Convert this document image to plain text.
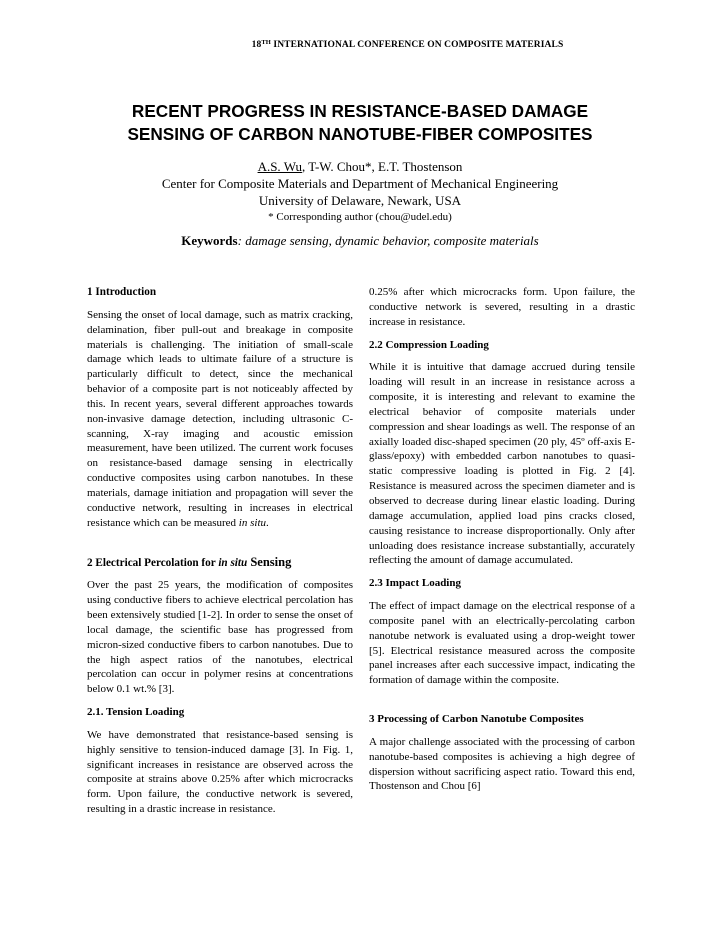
18TH INTERNATIONAL CONFERENCE ON COMPOSITE MATERIALS
RECENT PROGRESS IN RESISTANCE-BASED DAMAGE
SENSING OF CARBON NANOTUBE-FIBER COMPOSITES
A.S. Wu, T-W. Chou*, E.T. Thostenson
Center for Composite Materials and Department of Mechanical Engineering
University of Delaware, Newark, USA
* Corresponding author (chou@udel.edu)
Keywords: damage sensing, dynamic behavior, composite materials
1 Introduction

Sensing the onset of local damage, such as matrix cracking, delamination, fiber pull-out and breakage in composite materials is challenging. The initiation of small-scale damage which leads to ultimate failure of a structure is particularly difficult to detect, since the mechanical behavior of a composite part is not noticeably affected by this. In recent years, several different approaches towards non-invasive damage detection, including ultrasonic C-scanning, X-ray imaging and acoustic emission measurement, have been utilized. The current work focuses on resistance-based damage sensing in electrically conductive composites using carbon nanotubes. In these materials, damage initiation and propagation will sever the conductive network, resulting in increases in electrical resistance which can be measured in situ.

2 Electrical Percolation for in situ Sensing

Over the past 25 years, the modification of composites using conductive fibers to achieve electrical percolation has been extensively studied [1-2]. In order to sense the onset of local damage, the scientific base has progressed from micron-sized conductive fibers to carbon nanotubes. Due to the high aspect ratios of the nanotubes, electrical percolation can occur in polymer resins at concentrations below 0.1 wt.% [3].

2.1. Tension Loading

We have demonstrated that resistance-based sensing is highly sensitive to tension-induced damage [3]. In Fig. 1, significant increases in resistance are observed across the composite at strains above 0.25% after which microcracks form. Upon failure, the conductive network is severed, resulting in a drastic increase in resistance.

0.25% after which microcracks form. Upon failure, the conductive network is severed, resulting in a drastic increase in resistance.

2.2 Compression Loading

While it is intuitive that damage accrued during tensile loading will result in an increase in resistance across a composite, it is interesting and relevant to examine the electrical behavior of composite materials under compression and shear loadings as well. The response of an axially loaded disc-shaped specimen (20 ply, 45º off-axis E-glass/epoxy) with embedded carbon nanotubes to quasi-static compressive loading is plotted in Fig. 2 [4]. Resistance is measured across the specimen diameter and is observed to decrease during linear elastic loading. During damage accumulation, applied load pins cracks closed, causing resistance to increase disproportionally. Only after unloading does resistance increase substantially, accurately reflecting the amount of damage accumulated.

2.3 Impact Loading

The effect of impact damage on the electrical response of a composite panel with an electrically-percolating carbon nanotube network is evaluated using a drop-weight tower [5]. Electrical resistance measured across the composite panel increases after each successive impact, indicating the formation of damage within the composite.

3 Processing of Carbon Nanotube Composites

A major challenge associated with the processing of carbon nanotube-based composites is achieving a high degree of dispersion without sacrificing aspect ratio. Toward this end, Thostenson and Chou [6]
